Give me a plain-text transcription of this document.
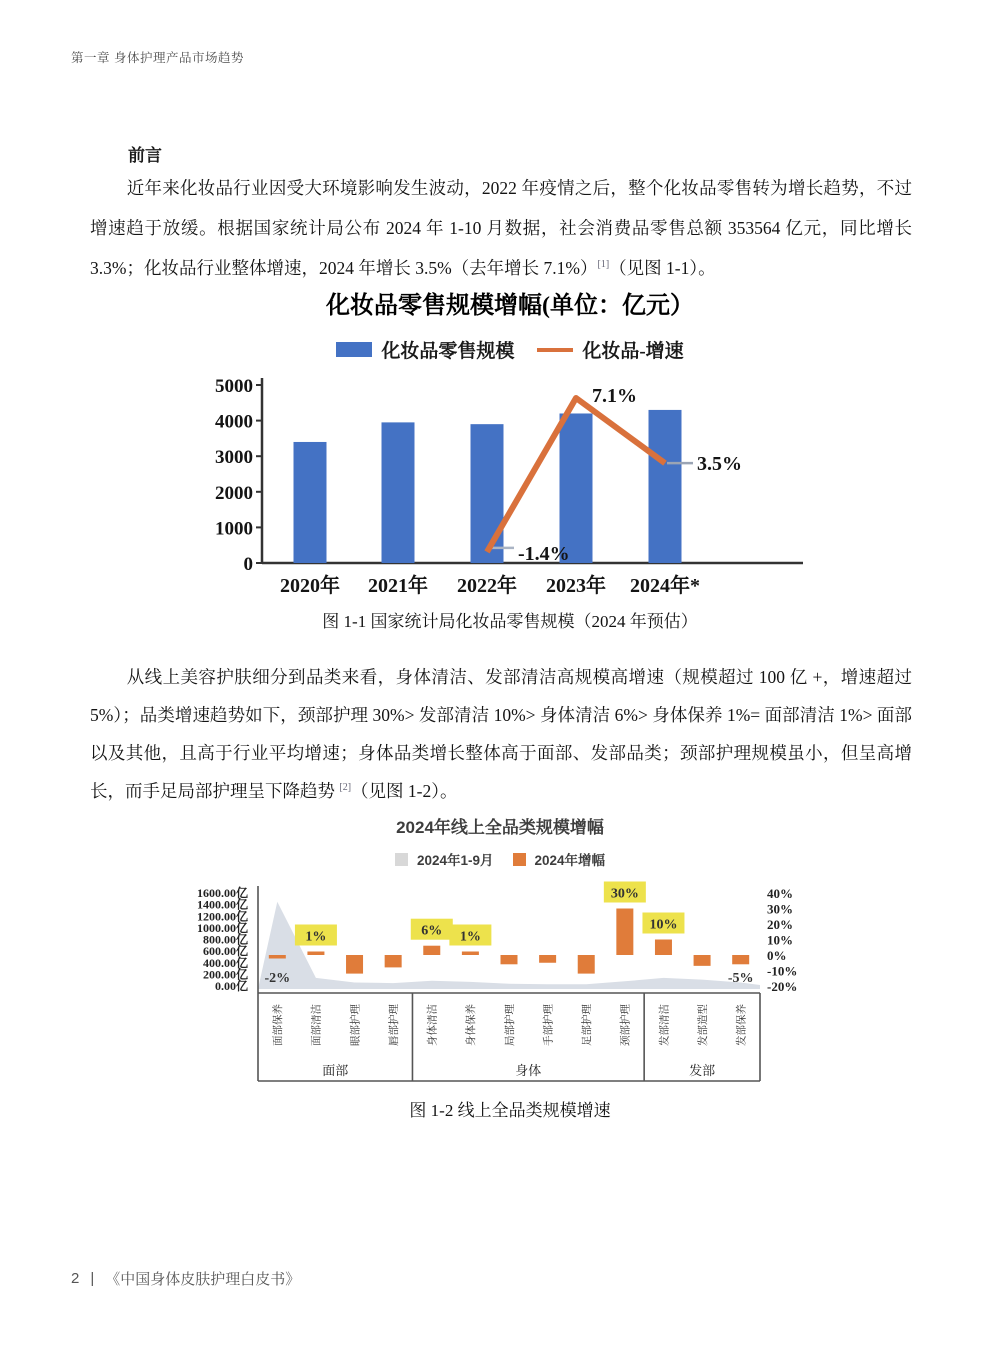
第一章 身体护理产品市场趋势
前言

近年来化妆品行业因受大环境影响发生波动，2022 年疫情之后，整个化妆品零售转为增长趋势，不过增速趋于放缓。根据国家统计局公布 2024 年 1-10 月数据，社会消费品零售总额 353564 亿元，同比增长 3.3%；化妆品行业整体增速，2024 年增长 3.5%（去年增长 7.1%）[1]（见图 1-1）。

化妆品零售规模增幅(单位：亿元）
化妆品零售规模	化妆品-增速
5000
4000
3000
2000
1000
0
2020年 2021年 2022年 2023年 2024年*
-1.4%
7.1%
3.5%
图 1-1 国家统计局化妆品零售规模（2024 年预估）

从线上美容护肤细分到品类来看，身体清洁、发部清洁高规模高增速（规模超过 100 亿 +，增速超过 5%）；品类增速趋势如下，颈部护理 30%> 发部清洁 10%> 身体清洁 6%> 身体保养 1%= 面部清洁 1%> 面部以及其他，且高于行业平均增速；身体品类增长整体高于面部、发部品类；颈部护理规模虽小，但呈高增长，而手足局部护理呈下降趋势 [2]（见图 1-2）。

2024年线上全品类规模增幅
2024年1-9月	2024年增幅
1600.00亿
1400.00亿
1200.00亿
1000.00亿
800.00亿
600.00亿
400.00亿
200.00亿
0.00亿
40%
30%
20%
10%
0%
-10%
-20%
-2%
1%	6% 1%
30%
10%
-5%
面部保养	面部清洁	眼部护理	唇部护理	身体清洁	身体保养	局部护理	手部护理	足部护理	颈部护理	发部清洁	发部造型	发部保养
面部	身体	发部
图 1-2 线上全品类规模增速
2 | 《中国身体皮肤护理白皮书》
